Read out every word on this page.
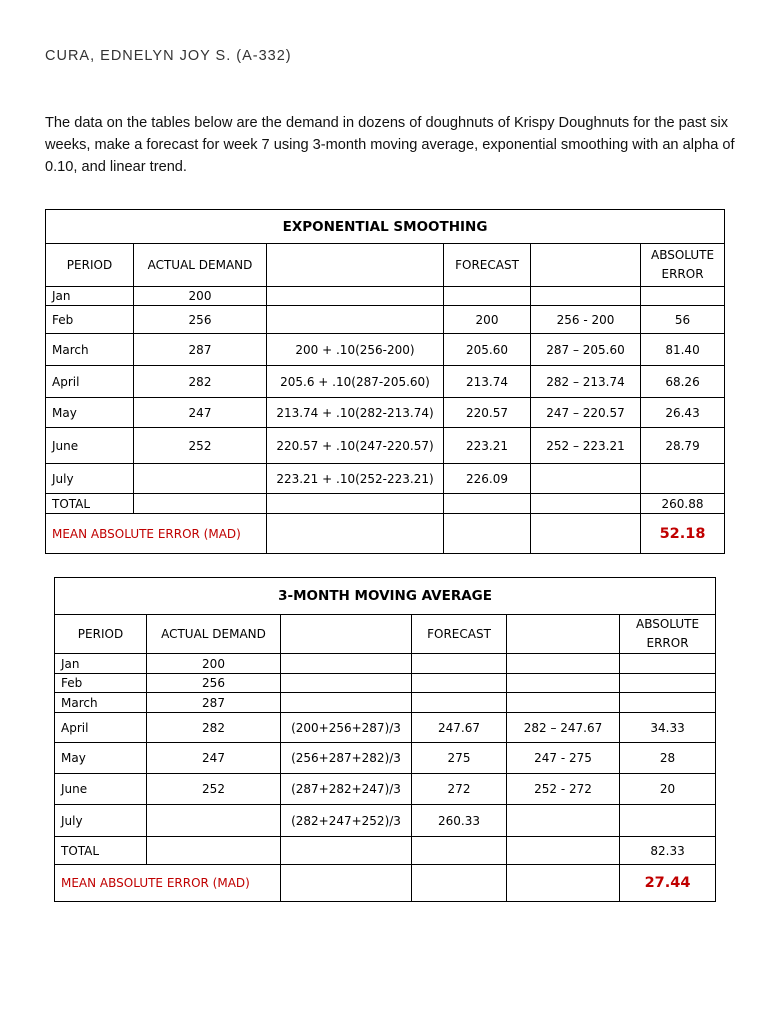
CURA, EDNELYN JOY S. (A-332)
The data on the tables below are the demand in dozens of doughnuts of Krispy Doughnuts for the past six weeks, make a forecast for week 7 using 3-month moving average, exponential smoothing with an alpha of 0.10, and linear trend.
EXPONENTIAL SMOOTHING					
PERIOD	ACTUAL DEMAND		FORECAST		ABSOLUTE ERROR
Jan	200				
Feb	256		200	256 - 200	56
March	287	200 + .10(256-200)	205.60	287 – 205.60	81.40
April	282	205.6 + .10(287-205.60)	213.74	282 – 213.74	68.26
May	247	213.74 + .10(282-213.74)	220.57	247 – 220.57	26.43
June	252	220.57 + .10(247-220.57)	223.21	252 – 223.21	28.79
July		223.21 + .10(252-223.21)	226.09		
TOTAL					260.88
MEAN ABSOLUTE ERROR (MAD)					52.18
3-MONTH MOVING AVERAGE					
PERIOD	ACTUAL DEMAND		FORECAST		ABSOLUTE ERROR
Jan	200				
Feb	256				
March	287				
April	282	(200+256+287)/3	247.67	282 – 247.67	34.33
May	247	(256+287+282)/3	275	247 - 275	28
June	252	(287+282+247)/3	272	252 - 272	20
July		(282+247+252)/3	260.33		
TOTAL					82.33
MEAN ABSOLUTE ERROR (MAD)					27.44
